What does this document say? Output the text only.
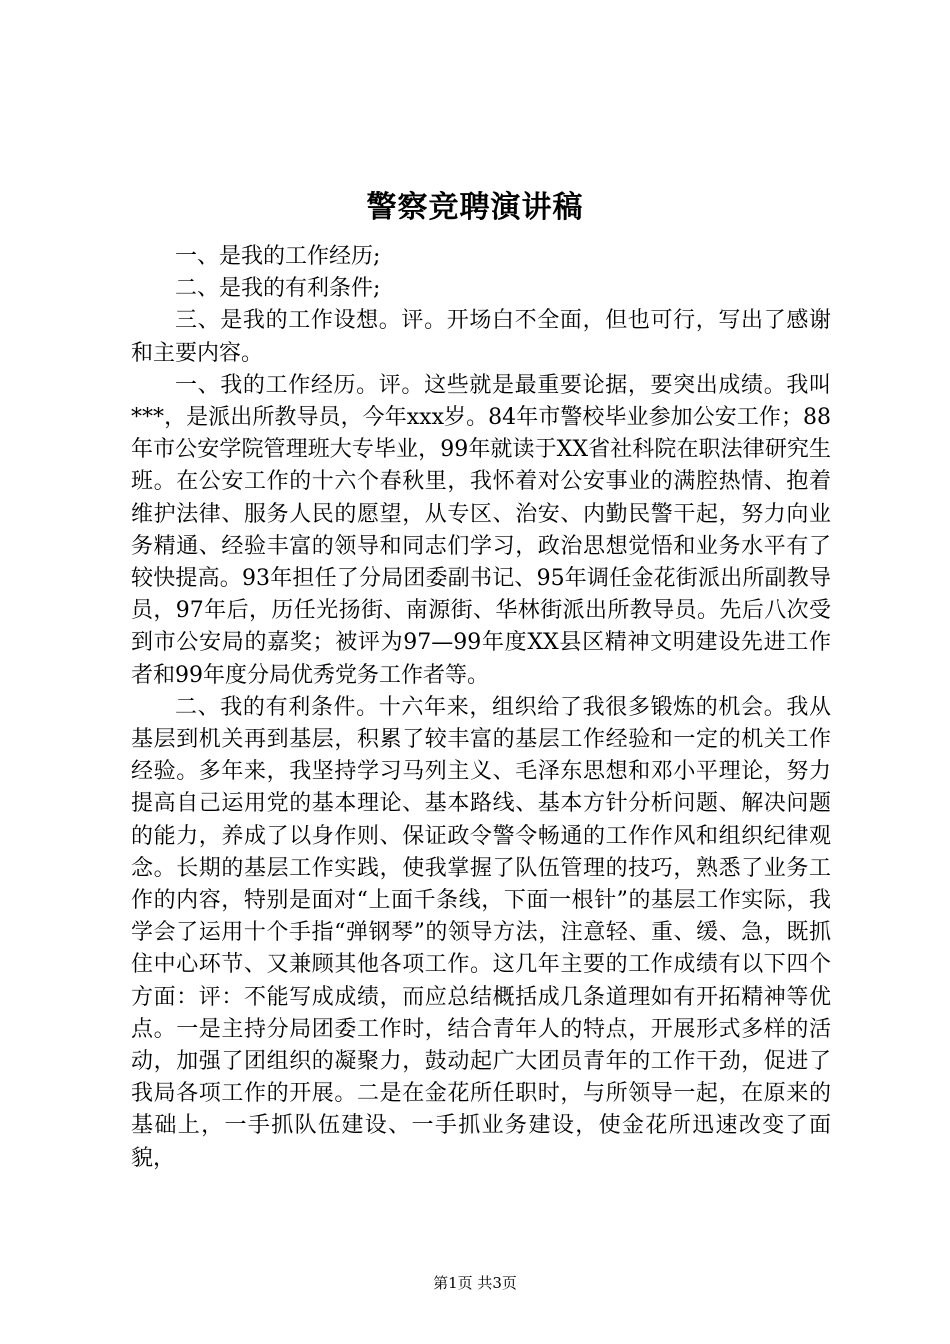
警察竞聘演讲稿

一、是我的工作经历;

二、是我的有利条件;

三、是我的工作设想。评。开场白不全面，但也可行，写出了感谢和主要内容。

一、我的工作经历。评。这些就是最重要论据，要突出成绩。我叫***，是派出所教导员，今年xxx岁。84年市警校毕业参加公安工作；88年市公安学院管理班大专毕业，99年就读于XX省社科院在职法律研究生班。在公安工作的十六个春秋里，我怀着对公安事业的满腔热情、抱着维护法律、服务人民的愿望，从专区、治安、内勤民警干起，努力向业务精通、经验丰富的领导和同志们学习，政治思想觉悟和业务水平有了较快提高。93年担任了分局团委副书记、95年调任金花街派出所副教导员，97年后，历任光扬街、南源街、华林街派出所教导员。先后八次受到市公安局的嘉奖；被评为97—99年度XX县区精神文明建设先进工作者和99年度分局优秀党务工作者等。

二、我的有利条件。十六年来，组织给了我很多锻炼的机会。我从基层到机关再到基层，积累了较丰富的基层工作经验和一定的机关工作经验。多年来，我坚持学习马列主义、毛泽东思想和邓小平理论，努力提高自己运用党的基本理论、基本路线、基本方针分析问题、解决问题的能力，养成了以身作则、保证政令警令畅通的工作作风和组织纪律观念。长期的基层工作实践，使我掌握了队伍管理的技巧，熟悉了业务工作的内容，特别是面对“上面千条线，下面一根针”的基层工作实际，我学会了运用十个手指“弹钢琴”的领导方法，注意轻、重、缓、急，既抓住中心环节、又兼顾其他各项工作。这几年主要的工作成绩有以下四个方面：评：不能写成成绩，而应总结概括成几条道理如有开拓精神等优点。一是主持分局团委工作时，结合青年人的特点，开展形式多样的活动，加强了团组织的凝聚力，鼓动起广大团员青年的工作干劲，促进了我局各项工作的开展。二是在金花所任职时，与所领导一起，在原来的基础上，一手抓队伍建设、一手抓业务建设，使金花所迅速改变了面貌，

第1页 共3页
